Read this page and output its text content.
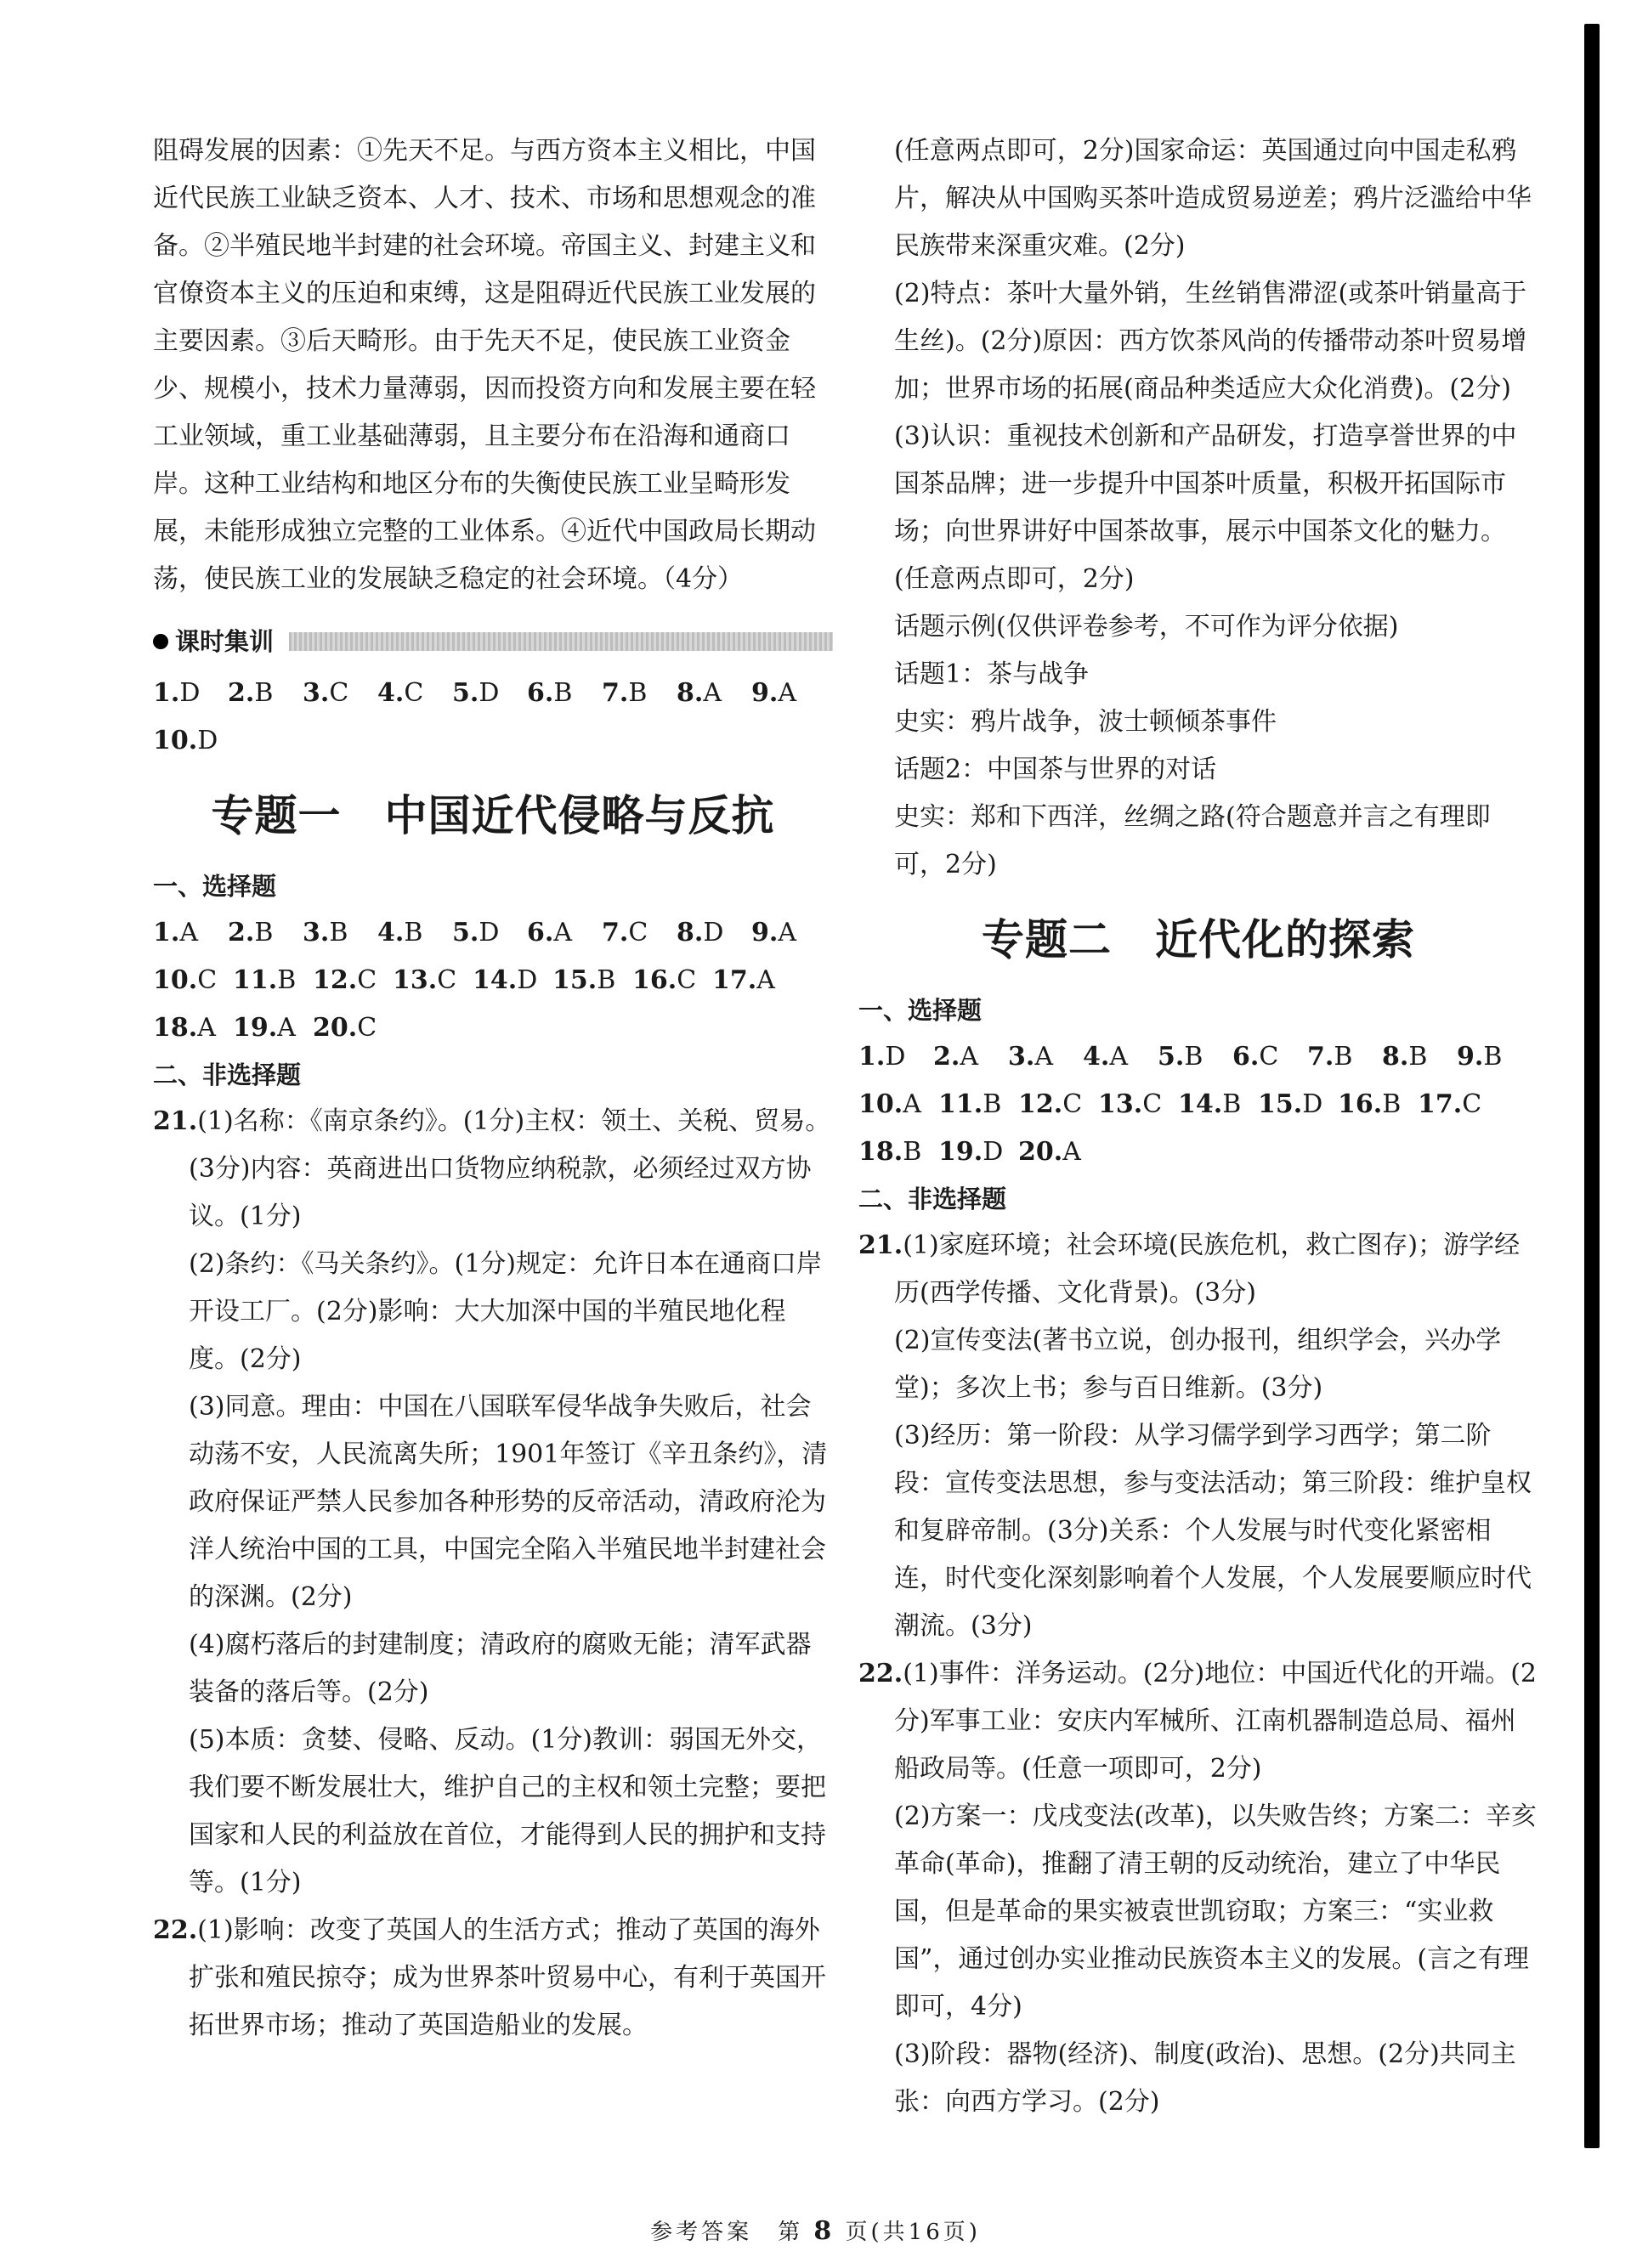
阻碍发展的因素：①先天不足。与西方资本主义相比，中国近代民族工业缺乏资本、人才、技术、市场和思想观念的准备。②半殖民地半封建的社会环境。帝国主义、封建主义和官僚资本主义的压迫和束缚，这是阻碍近代民族工业发展的主要因素。③后天畸形。由于先天不足，使民族工业资金少、规模小，技术力量薄弱，因而投资方向和发展主要在轻工业领域，重工业基础薄弱，且主要分布在沿海和通商口岸。这种工业结构和地区分布的失衡使民族工业呈畸形发展，未能形成独立完整的工业体系。④近代中国政局长期动荡，使民族工业的发展缺乏稳定的社会环境。（4分）

课时集训
1.D	2.B	3.C	4.C	5.D	6.B	7.B	8.A	9.A
10.D
专题一　中国近代侵略与反抗
一、选择题
1.A	2.B	3.B	4.B	5.D	6.A	7.C	8.D	9.A
10.C 11.B 12.C 13.C 14.D 15.B 16.C 17.A
18.A 19.A 20.C
二、非选择题
21.(1)名称：《南京条约》。(1分)主权：领土、关税、贸易。(3分)内容：英商进出口货物应纳税款，必须经过双方协议。(1分)
(2)条约：《马关条约》。(1分)规定：允许日本在通商口岸开设工厂。(2分)影响：大大加深中国的半殖民地化程度。(2分)
(3)同意。理由：中国在八国联军侵华战争失败后，社会动荡不安，人民流离失所；1901年签订《辛丑条约》，清政府保证严禁人民参加各种形势的反帝活动，清政府沦为洋人统治中国的工具，中国完全陷入半殖民地半封建社会的深渊。(2分)
(4)腐朽落后的封建制度；清政府的腐败无能；清军武器装备的落后等。(2分)
(5)本质：贪婪、侵略、反动。(1分)教训：弱国无外交，我们要不断发展壮大，维护自己的主权和领土完整；要把国家和人民的利益放在首位，才能得到人民的拥护和支持等。(1分)
22.(1)影响：改变了英国人的生活方式；推动了英国的海外扩张和殖民掠夺；成为世界茶叶贸易中心，有利于英国开拓世界市场；推动了英国造船业的发展。
(任意两点即可，2分)国家命运：英国通过向中国走私鸦片，解决从中国购买茶叶造成贸易逆差；鸦片泛滥给中华民族带来深重灾难。(2分)
(2)特点：茶叶大量外销，生丝销售滞涩(或茶叶销量高于生丝)。(2分)原因：西方饮茶风尚的传播带动茶叶贸易增加；世界市场的拓展(商品种类适应大众化消费)。(2分)
(3)认识：重视技术创新和产品研发，打造享誉世界的中国茶品牌；进一步提升中国茶叶质量，积极开拓国际市场；向世界讲好中国茶故事，展示中国茶文化的魅力。(任意两点即可，2分)
话题示例(仅供评卷参考，不可作为评分依据)
话题1：茶与战争
史实：鸦片战争，波士顿倾茶事件
话题2：中国茶与世界的对话
史实：郑和下西洋，丝绸之路(符合题意并言之有理即可，2分)
专题二　近代化的探索
一、选择题
1.D	2.A	3.A	4.A	5.B	6.C	7.B	8.B	9.B
10.A 11.B 12.C 13.C 14.B 15.D 16.B 17.C
18.B 19.D 20.A
二、非选择题
21.(1)家庭环境；社会环境(民族危机，救亡图存)；游学经历(西学传播、文化背景)。(3分)
(2)宣传变法(著书立说，创办报刊，组织学会，兴办学堂)；多次上书；参与百日维新。(3分)
(3)经历：第一阶段：从学习儒学到学习西学；第二阶段：宣传变法思想，参与变法活动；第三阶段：维护皇权和复辟帝制。(3分)关系：个人发展与时代变化紧密相连，时代变化深刻影响着个人发展，个人发展要顺应时代潮流。(3分)
22.(1)事件：洋务运动。(2分)地位：中国近代化的开端。(2分)军事工业：安庆内军械所、江南机器制造总局、福州船政局等。(任意一项即可，2分)
(2)方案一：戊戌变法(改革)，以失败告终；方案二：辛亥革命(革命)，推翻了清王朝的反动统治，建立了中华民国，但是革命的果实被袁世凯窃取；方案三：“实业救国”，通过创办实业推动民族资本主义的发展。(言之有理即可，4分)
(3)阶段：器物(经济)、制度(政治)、思想。(2分)共同主张：向西方学习。(2分)
参考答案　第 8 页(共16页)
